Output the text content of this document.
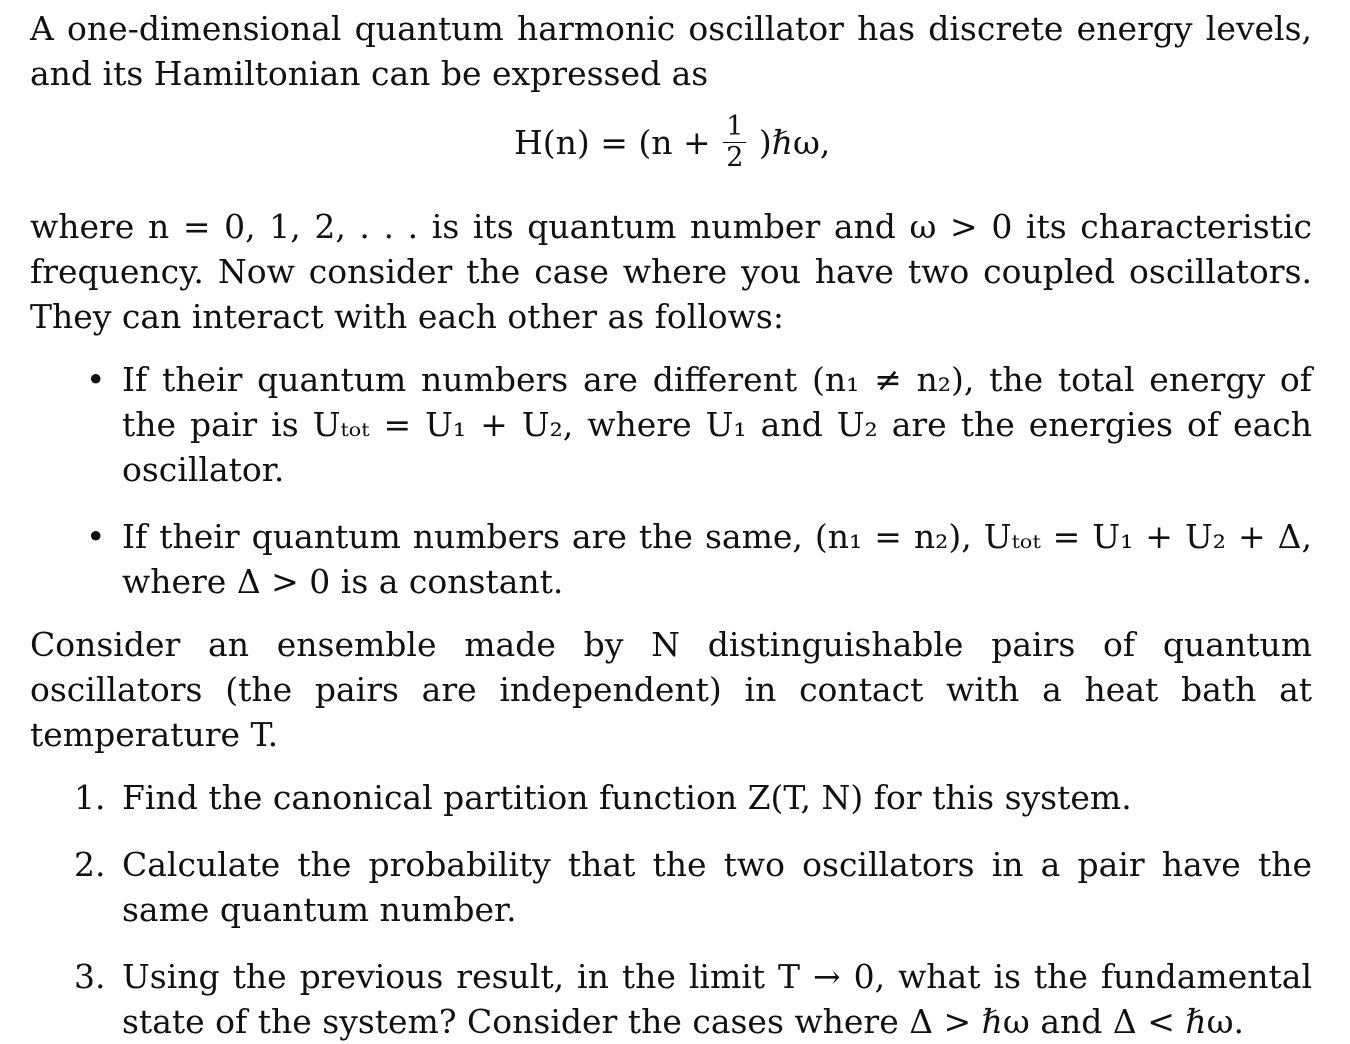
A one-dimensional quantum harmonic oscillator has discrete energy levels, and its Hamiltonian can be expressed as

$H(n) = (n + \frac{1}{2}$ )ℏω,

where n = 0, 1, 2, . . . is its quantum number and ω > 0 its characteristic frequency. Now consider the case where you have two coupled oscillators. They can interact with each other as follows:

• If their quantum numbers are different (n₁ ≠ n₂), the total energy of the pair is Uₜₒₜ = U₁ + U₂, where U₁ and U₂ are the energies of each oscillator.
• If their quantum numbers are the same, (n₁ = n₂), Uₜₒₜ = U₁ + U₂ + Δ, where Δ > 0 is a constant.

Consider an ensemble made by N distinguishable pairs of quantum oscillators (the pairs are independent) in contact with a heat bath at temperature T.

1. Find the canonical partition function Z(T, N) for this system.
2. Calculate the probability that the two oscillators in a pair have the same quantum number.
3. Using the previous result, in the limit T → 0, what is the fundamental state of the system? Consider the cases where Δ > ℏω and Δ < ℏω.
